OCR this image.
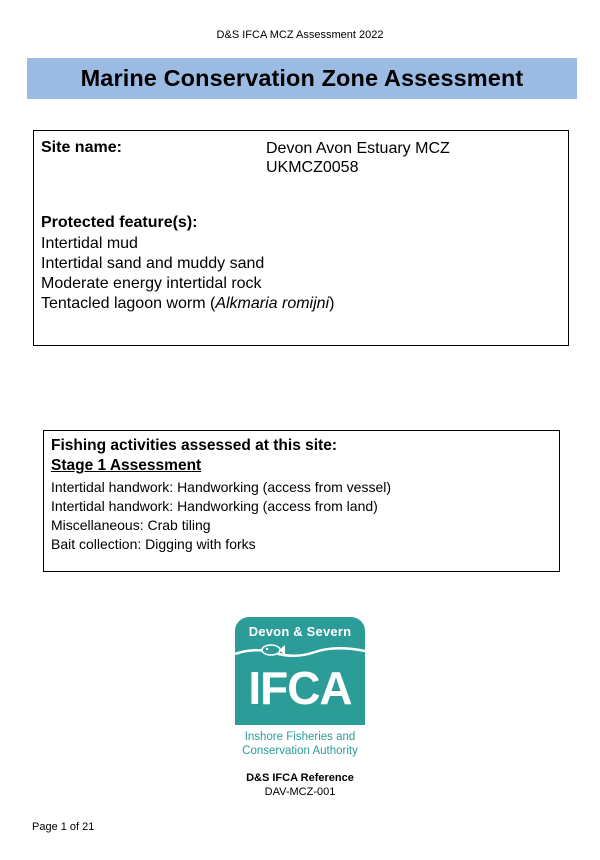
D&S IFCA MCZ Assessment 2022
Marine Conservation Zone Assessment
Site name:	Devon Avon Estuary MCZ
UKMCZ0058
Protected feature(s):
Intertidal mud
Intertidal sand and muddy sand
Moderate energy intertidal rock
Tentacled lagoon worm (Alkmaria romijni)
Fishing activities assessed at this site:
Stage 1 Assessment
Intertidal handwork: Handworking (access from vessel)
Intertidal handwork: Handworking (access from land)
Miscellaneous: Crab tiling
Bait collection: Digging with forks
Devon & Severn
IFCA
Inshore Fisheries and
Conservation Authority
D&S IFCA Reference
DAV-MCZ-001
Page 1 of 21
